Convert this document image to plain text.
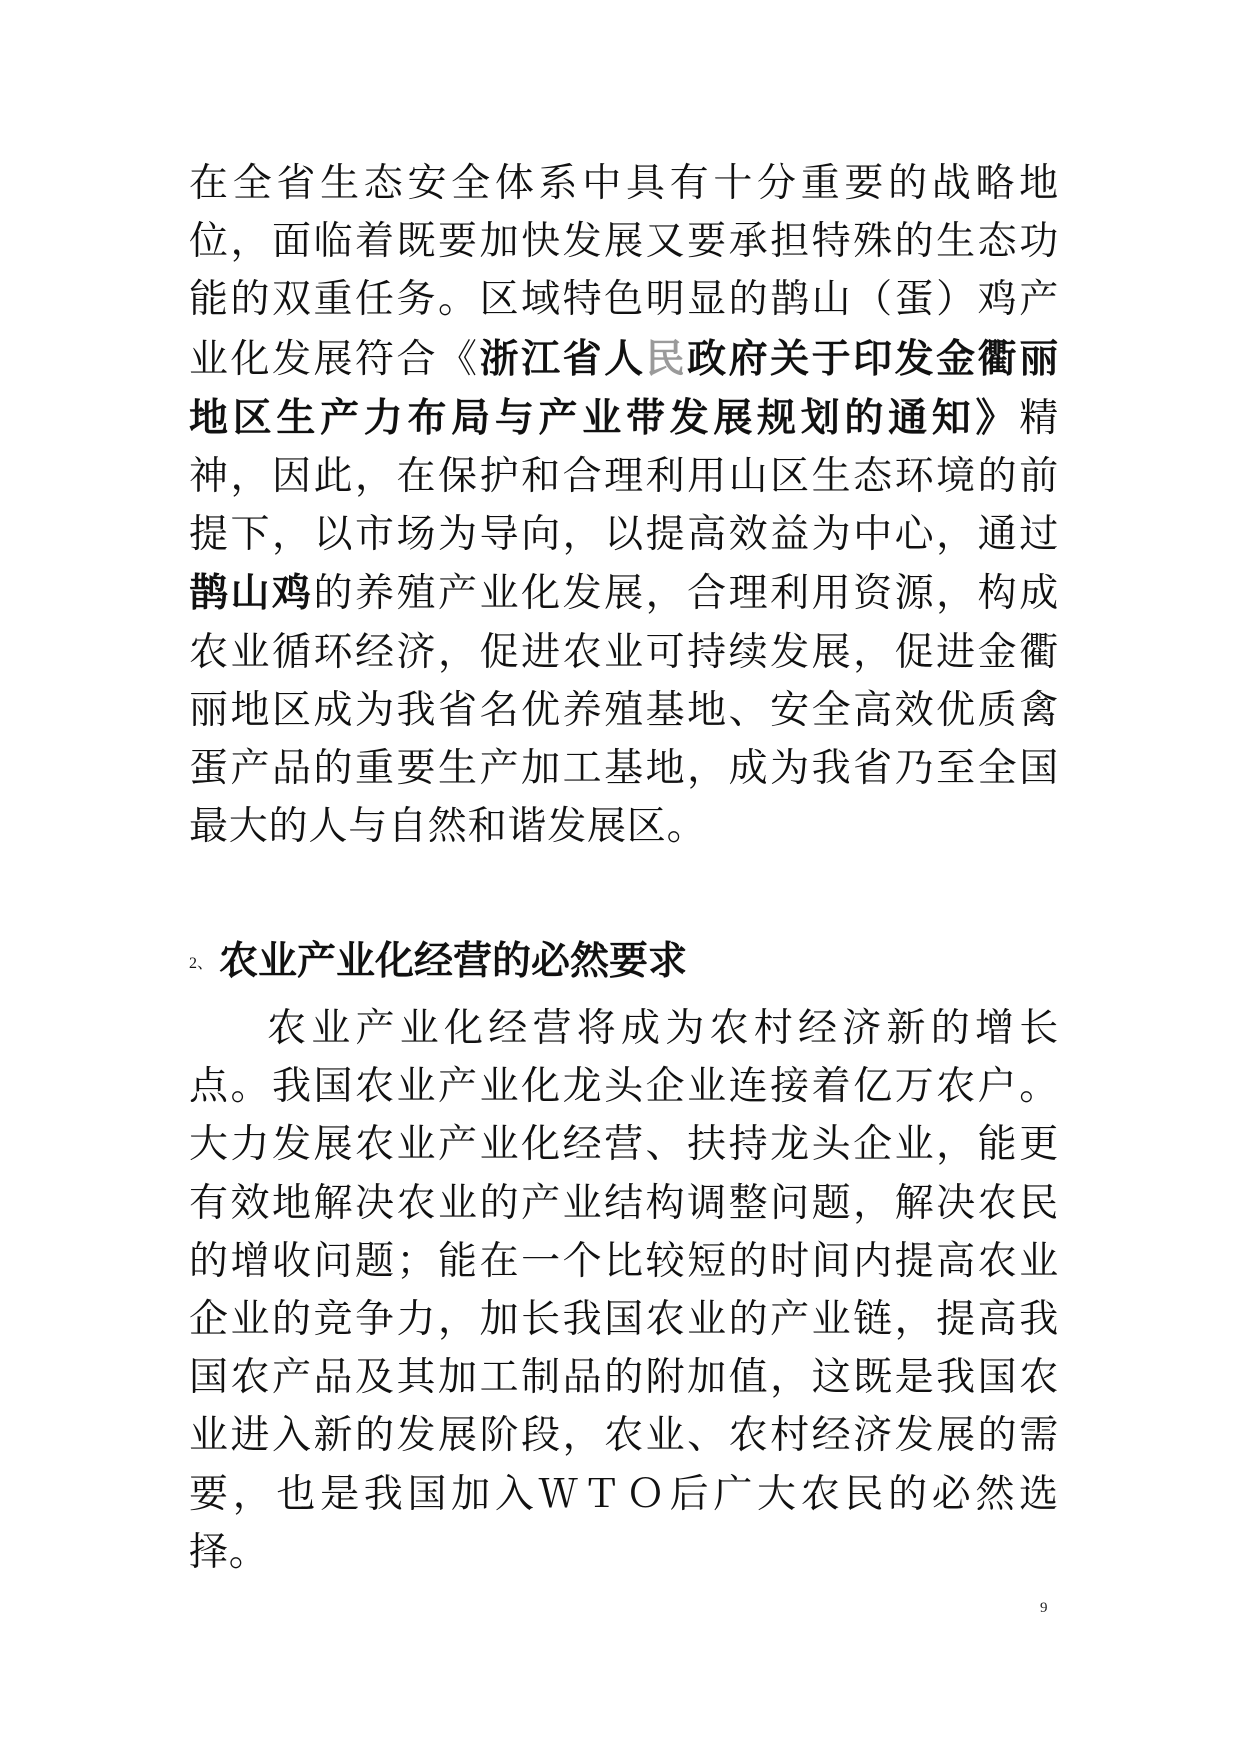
在全省生态安全体系中具有十分重要的战略地位，面临着既要加快发展又要承担特殊的生态功能的双重任务。区域特色明显的鹊山（蛋）鸡产业化发展符合《浙江省人民政府关于印发金衢丽地区生产力布局与产业带发展规划的通知》精神，因此，在保护和合理利用山区生态环境的前提下，以市场为导向，以提高效益为中心，通过鹊山鸡的养殖产业化发展，合理利用资源，构成农业循环经济，促进农业可持续发展，促进金衢丽地区成为我省名优养殖基地、安全高效优质禽蛋产品的重要生产加工基地，成为我省乃至全国最大的人与自然和谐发展区。
2、 农业产业化经营的必然要求
农业产业化经营将成为农村经济新的增长点。我国农业产业化龙头企业连接着亿万农户。大力发展农业产业化经营、扶持龙头企业，能更有效地解决农业的产业结构调整问题，解决农民的增收问题；能在一个比较短的时间内提高农业企业的竞争力，加长我国农业的产业链，提高我国农产品及其加工制品的附加值，这既是我国农业进入新的发展阶段，农业、农村经济发展的需要，也是我国加入ＷＴＯ后广大农民的必然选择。
9
